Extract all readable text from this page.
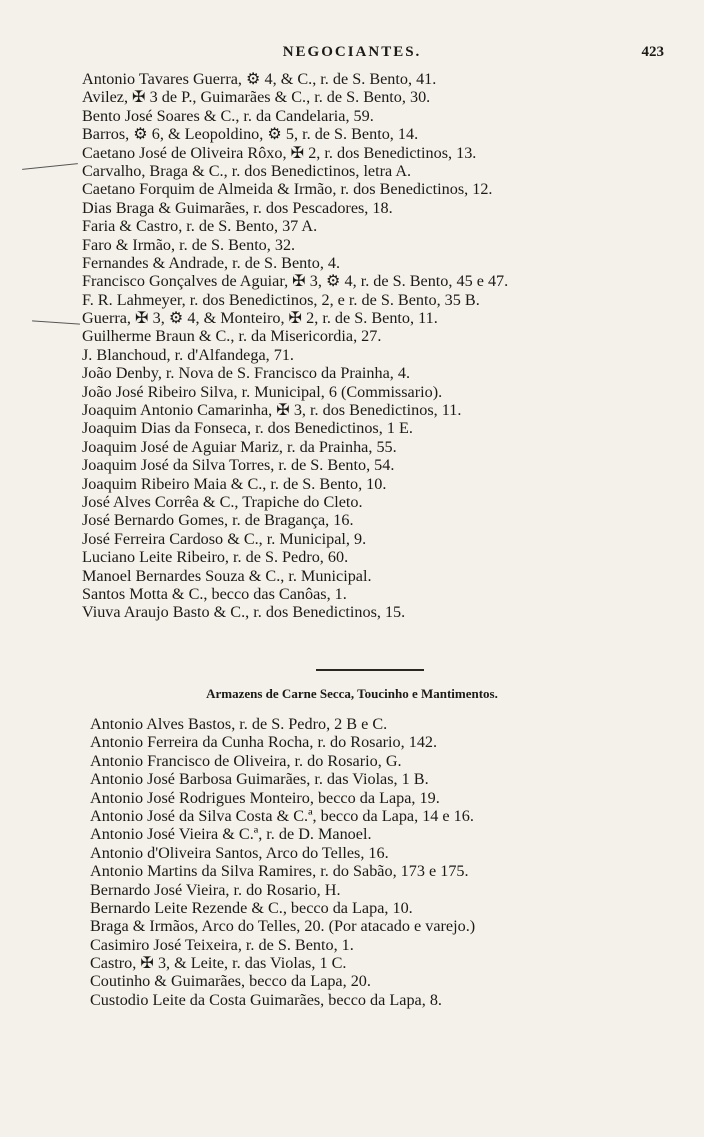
NEGOCIANTES.	423
Antonio Tavares Guerra, ⚙ 4, & C., r. de S. Bento, 41.
Avilez, ✠ 3 de P., Guimarães & C., r. de S. Bento, 30.
Bento José Soares & C., r. da Candelaria, 59.
Barros, ⚙ 6, & Leopoldino, ⚙ 5, r. de S. Bento, 14.
Caetano José de Oliveira Rôxo, ✠ 2, r. dos Benedictinos, 13.
Carvalho, Braga & C., r. dos Benedictinos, letra A.
Caetano Forquim de Almeida & Irmão, r. dos Benedictinos, 12.
Dias Braga & Guimarães, r. dos Pescadores, 18.
Faria & Castro, r. de S. Bento, 37 A.
Faro & Irmão, r. de S. Bento, 32.
Fernandes & Andrade, r. de S. Bento, 4.
Francisco Gonçalves de Aguiar, ✠ 3, ⚙ 4, r. de S. Bento, 45 e 47.
F. R. Lahmeyer, r. dos Benedictinos, 2, e r. de S. Bento, 35 B.
Guerra, ✠ 3, ⚙ 4, & Monteiro, ✠ 2, r. de S. Bento, 11.
Guilherme Braun & C., r. da Misericordia, 27.
J. Blanchoud, r. d'Alfandega, 71.
João Denby, r. Nova de S. Francisco da Prainha, 4.
João José Ribeiro Silva, r. Municipal, 6 (Commissario).
Joaquim Antonio Camarinha, ✠ 3, r. dos Benedictinos, 11.
Joaquim Dias da Fonseca, r. dos Benedictinos, 1 E.
Joaquim José de Aguiar Mariz, r. da Prainha, 55.
Joaquim José da Silva Torres, r. de S. Bento, 54.
Joaquim Ribeiro Maia & C., r. de S. Bento, 10.
José Alves Corrêa & C., Trapiche do Cleto.
José Bernardo Gomes, r. de Bragança, 16.
José Ferreira Cardoso & C., r. Municipal, 9.
Luciano Leite Ribeiro, r. de S. Pedro, 60.
Manoel Bernardes Souza & C., r. Municipal.
Santos Motta & C., becco das Canôas, 1.
Viuva Araujo Basto & C., r. dos Benedictinos, 15.
Armazens de Carne Secca, Toucinho e Mantimentos.
Antonio Alves Bastos, r. de S. Pedro, 2 B e C.
Antonio Ferreira da Cunha Rocha, r. do Rosario, 142.
Antonio Francisco de Oliveira, r. do Rosario, G.
Antonio José Barbosa Guimarães, r. das Violas, 1 B.
Antonio José Rodrigues Monteiro, becco da Lapa, 19.
Antonio José da Silva Costa & C.ª, becco da Lapa, 14 e 16.
Antonio José Vieira & C.ª, r. de D. Manoel.
Antonio d'Oliveira Santos, Arco do Telles, 16.
Antonio Martins da Silva Ramires, r. do Sabão, 173 e 175.
Bernardo José Vieira, r. do Rosario, H.
Bernardo Leite Rezende & C., becco da Lapa, 10.
Braga & Irmãos, Arco do Telles, 20. (Por atacado e varejo.)
Casimiro José Teixeira, r. de S. Bento, 1.
Castro, ✠ 3, & Leite, r. das Violas, 1 C.
Coutinho & Guimarães, becco da Lapa, 20.
Custodio Leite da Costa Guimarães, becco da Lapa, 8.
